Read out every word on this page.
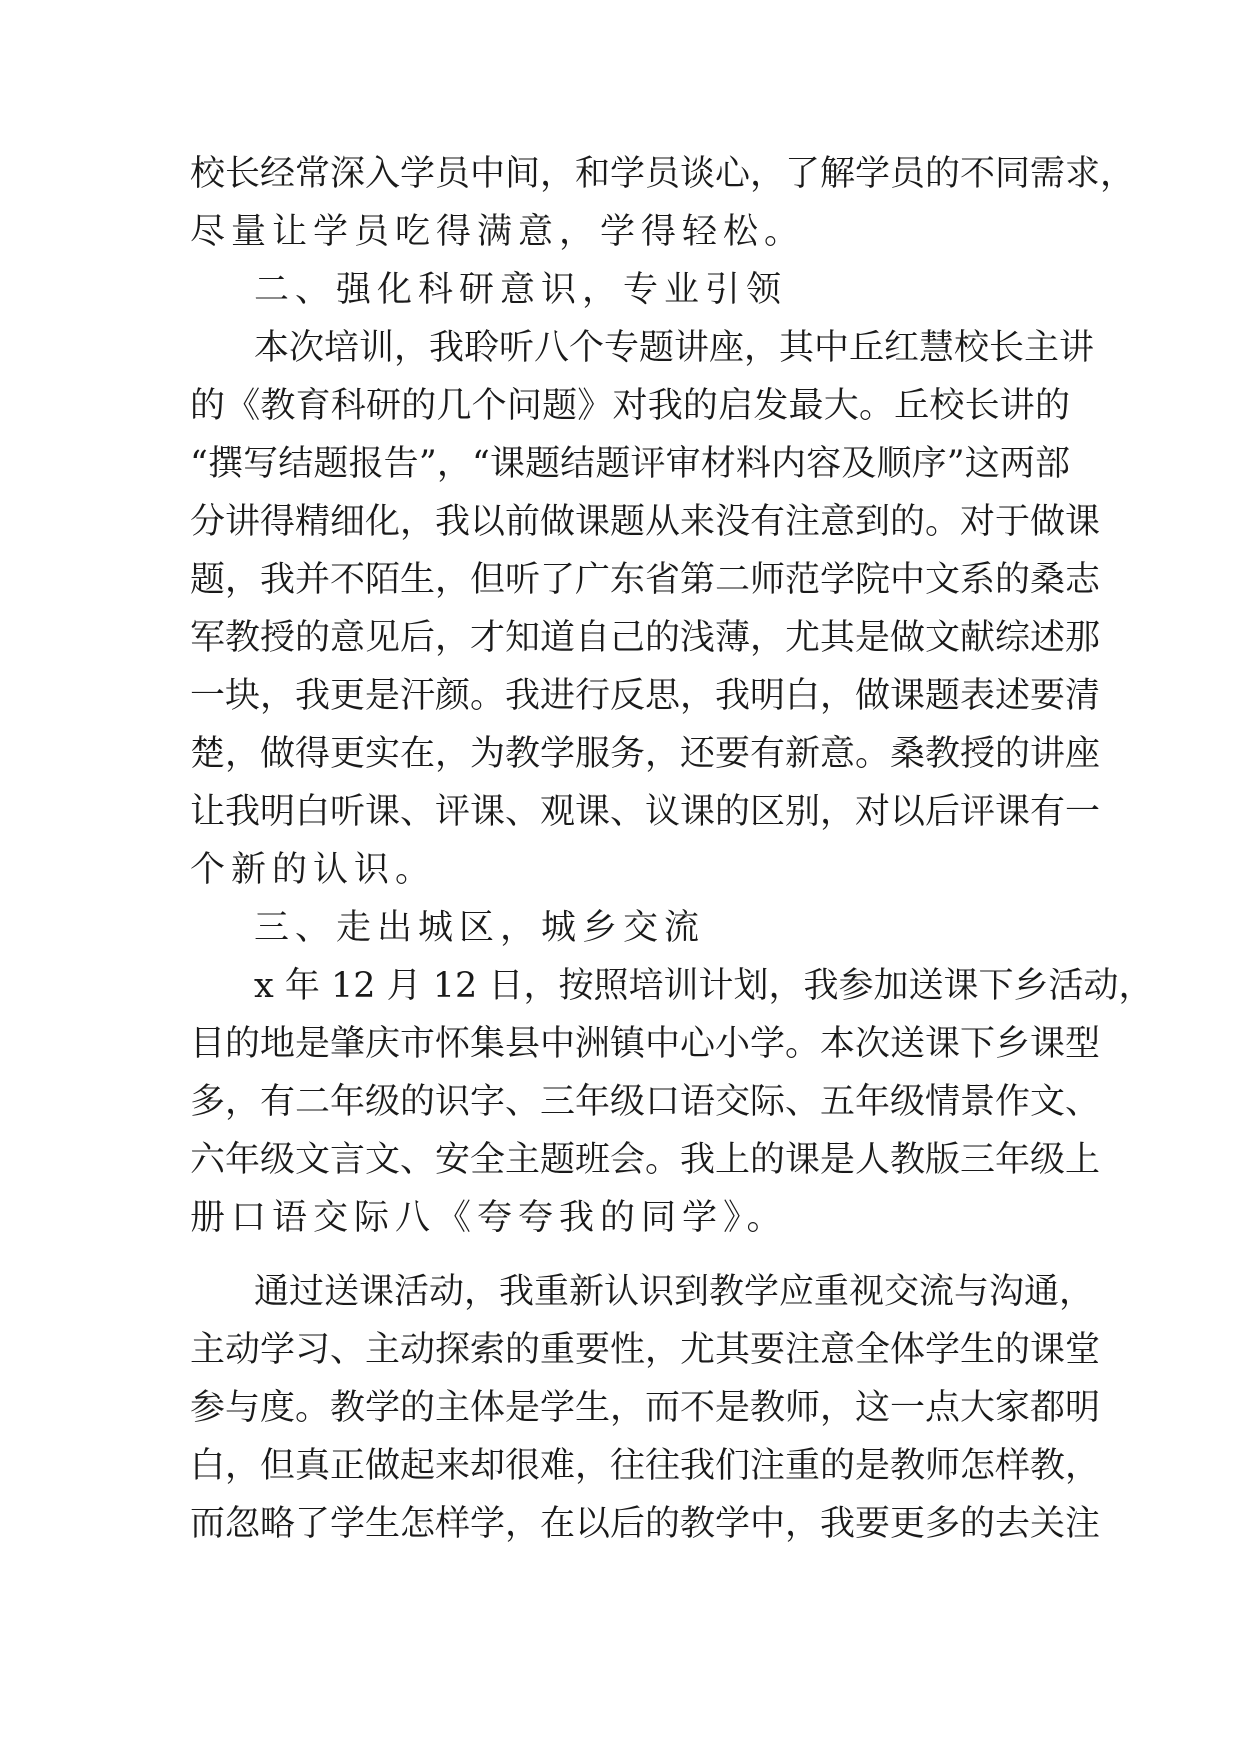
校长经常深入学员中间，和学员谈心，了解学员的不同需求，
尽量让学员吃得满意，学得轻松。
二、强化科研意识，专业引领
本次培训，我聆听八个专题讲座，其中丘红慧校长主讲
的《教育科研的几个问题》对我的启发最大。丘校长讲的
“撰写结题报告”，“课题结题评审材料内容及顺序”这两部
分讲得精细化，我以前做课题从来没有注意到的。对于做课
题，我并不陌生，但听了广东省第二师范学院中文系的桑志
军教授的意见后，才知道自己的浅薄，尤其是做文献综述那
一块，我更是汗颜。我进行反思，我明白，做课题表述要清
楚，做得更实在，为教学服务，还要有新意。桑教授的讲座
让我明白听课、评课、观课、议课的区别，对以后评课有一
个新的认识。
三、走出城区，城乡交流
x 年 12 月 12 日，按照培训计划，我参加送课下乡活动，
目的地是肇庆市怀集县中洲镇中心小学。本次送课下乡课型
多，有二年级的识字、三年级口语交际、五年级情景作文、
六年级文言文、安全主题班会。我上的课是人教版三年级上
册口语交际八《夸夸我的同学》。
通过送课活动，我重新认识到教学应重视交流与沟通，
主动学习、主动探索的重要性，尤其要注意全体学生的课堂
参与度。教学的主体是学生，而不是教师，这一点大家都明
白，但真正做起来却很难，往往我们注重的是教师怎样教，
而忽略了学生怎样学，在以后的教学中，我要更多的去关注
